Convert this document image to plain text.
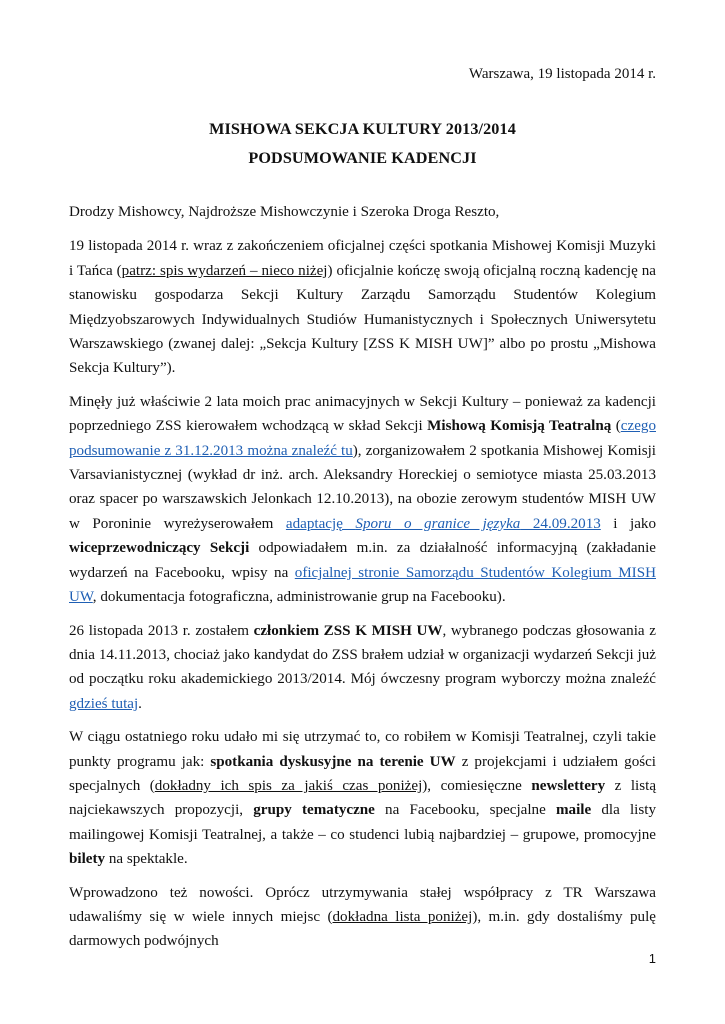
Warszawa, 19 listopada 2014 r.
MISHOWA SEKCJA KULTURY 2013/2014
PODSUMOWANIE KADENCJI

Drodzy Mishowcy, Najdroższe Mishowczynie i Szeroka Droga Reszto,

19 listopada 2014 r. wraz z zakończeniem oficjalnej części spotkania Mishowej Komisji Muzyki i Tańca (patrz: spis wydarzeń – nieco niżej) oficjalnie kończę swoją oficjalną roczną kadencję na stanowisku gospodarza Sekcji Kultury Zarządu Samorządu Studentów Kolegium Międzyobszarowych Indywidualnych Studiów Humanistycznych i Społecznych Uniwersytetu Warszawskiego (zwanej dalej: „Sekcja Kultury [ZSS K MISH UW]” albo po prostu „Mishowa Sekcja Kultury”).

Minęły już właściwie 2 lata moich prac animacyjnych w Sekcji Kultury – ponieważ za kadencji poprzedniego ZSS kierowałem wchodzącą w skład Sekcji Mishową Komisją Teatralną (czego podsumowanie z 31.12.2013 można znaleźć tu), zorganizowałem 2 spotkania Mishowej Komisji Varsavianistycznej (wykład dr inż. arch. Aleksandry Horeckiej o semiotyce miasta 25.03.2013 oraz spacer po warszawskich Jelonkach 12.10.2013), na obozie zerowym studentów MISH UW w Poroninie wyreżyserowałem adaptację Sporu o granice języka 24.09.2013 i jako wiceprzewodniczący Sekcji odpowiadałem m.in. za działalność informacyjną (zakładanie wydarzeń na Facebooku, wpisy na oficjalnej stronie Samorządu Studentów Kolegium MISH UW, dokumentacja fotograficzna, administrowanie grup na Facebooku).

26 listopada 2013 r. zostałem członkiem ZSS K MISH UW, wybranego podczas głosowania z dnia 14.11.2013, chociaż jako kandydat do ZSS brałem udział w organizacji wydarzeń Sekcji już od początku roku akademickiego 2013/2014. Mój ówczesny program wyborczy można znaleźć gdzieś tutaj.

W ciągu ostatniego roku udało mi się utrzymać to, co robiłem w Komisji Teatralnej, czyli takie punkty programu jak: spotkania dyskusyjne na terenie UW z projekcjami i udziałem gości specjalnych (dokładny ich spis za jakiś czas poniżej), comiesięczne newslettery z listą najciekawszych propozycji, grupy tematyczne na Facebooku, specjalne maile dla listy mailingowej Komisji Teatralnej, a także – co studenci lubią najbardziej – grupowe, promocyjne bilety na spektakle.

Wprowadzono też nowości. Oprócz utrzymywania stałej współpracy z TR Warszawa udawaliśmy się w wiele innych miejsc (dokładna lista poniżej), m.in. gdy dostaliśmy pulę darmowych podwójnych

1
